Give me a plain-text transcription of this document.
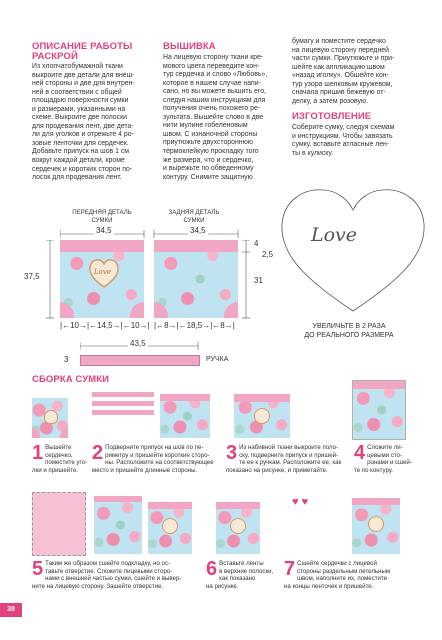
ОПИСАНИЕ РАБОТЫ
РАСКРОЙ
Из хлопчатобумажной ткани
выкроите две детали для внеш-
ней стороны и две для внутрен-
ней в соответствии с общей
площадью поверхности сумки
и размерами, указанными на
схеме. Выкроите две полоски
для продевания лент, две дета-
ли для уголков и отрежьте 4 ро-
зовые ленточки для сердечек.
Добавьте припуск на шов 1 см
вокруг каждой детали, кроме
сердечек и коротких сторон по-
лосок для продевания лент.
ВЫШИВКА
На лицевую сторону ткани кре-
мового цвета переведите кон-
тур сердечка и слово «Любовь»,
которое в нашем случае напи-
сано, но вы можете вышить его,
следуя нашим инструкциям для
получения очень похожего ре-
зультата. Вышейте слово в две
нити мулине гобеленовым
швом. С изнаночной стороны
приутюжьте двухстороннюю
термоклейкую прокладку того
же размера, что и сердечко,
и вырежьте по обведенному
контуру. Снимите защитную
бумагу и поместите сердечко
на лицевую сторону передней
части сумки. Приутюжьте и при-
шейте как аппликацию швом
«назад иголку». Обшейте кон-
тур узора шелковым кружевом,
сначала пришив бежевую от-
делку, а затем розовую.
ИЗГОТОВЛЕНИЕ
Соберите сумку, следуя схемам
и инструкциям. Чтобы завязать
сумку, вставьте атласные лен-
ты в кулиску.
Love
УВЕЛИЧЬТЕ В 2 РАЗА
ДО РЕАЛЬНОГО РАЗМЕРА
ПЕРЕДНЯЯ ДЕТАЛЬ
СУМКИ
ЗАДНЯЯ ДЕТАЛЬ
СУМКИ
34,5	34,5
Love
37,5
4
2,5
31
|←10→|←14,5→|←10→| |←8→|←18,5→|←8→|
43,5
3	РУЧКА
СБОРКА СУМКИ
1 Вышейте
сердечко,
поместите уго-
лки и пришейте.
2 Подверните припуск на шов по пе-
риметру и пришейте короткие сторо-
ны. Расположите на соответствующее
место и пришейте длинные стороны.
3 Из набивной ткани выкроите поло-
ску, подверните припуск и пришей-
те ее к ручкам. Расположите ее, как
показано на рисунке, и приметайте.
4 Сложите ли-
цевыми сто-
ронами и сшей-
те по контуру.
♥ ♥
5 Таким же образом сшейте подкладку, но ос-
тавьте отверстие. Сложите лицевыми сторо-
нами с внешней частью сумки, сшейте и вывер-
ните на лицевую сторону. Зашейте отверстие.
6 Вставьте ленты
в верхние полоски,
как показано
на рисунке.
7 Сшейте сердечки с лицевой
стороны раздельным петельным
швом, наполните их, поместите
на концы ленточек и пришейте.
38
